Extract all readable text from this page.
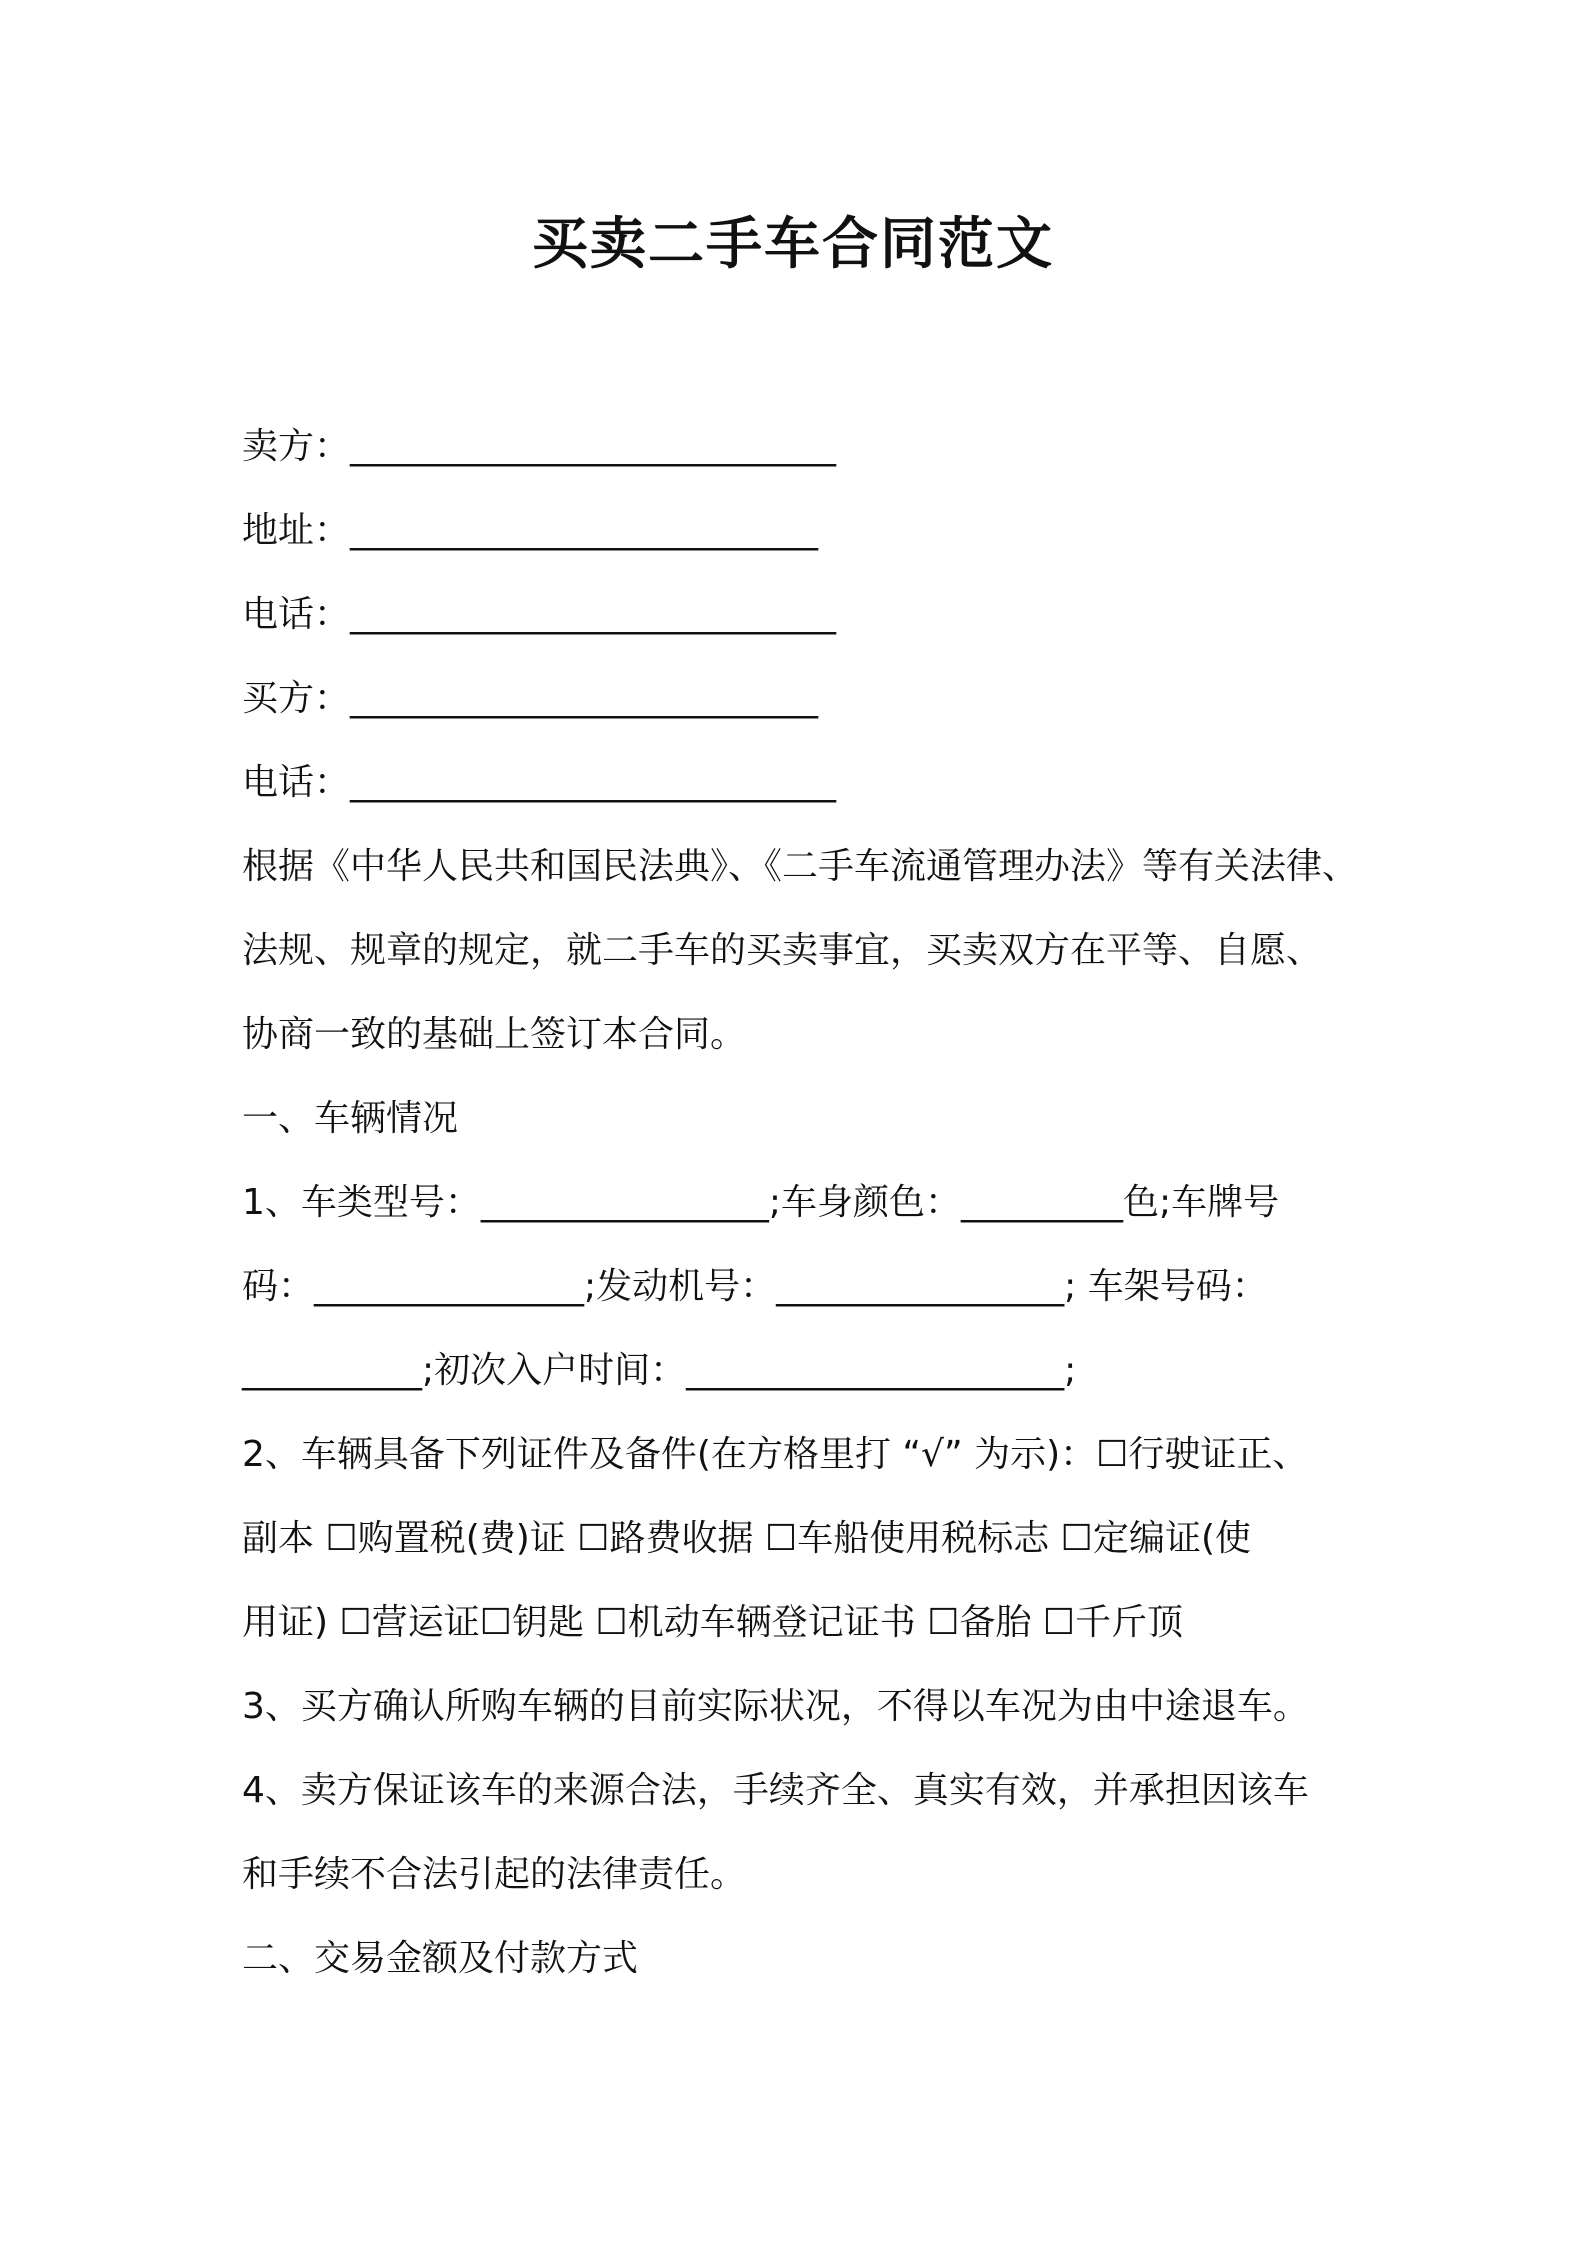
买卖二手车合同范文
卖方：___________________________
地址：__________________________
电话：___________________________
买方：__________________________
电话：___________________________
根据《中华人民共和国民法典》、《二手车流通管理办法》等有关法律、
法规、规章的规定，就二手车的买卖事宜，买卖双方在平等、自愿、
协商一致的基础上签订本合同。
一、车辆情况
1、车类型号：________________;车身颜色：_________色;车牌号
码：_______________;发动机号：________________; 车架号码：
__________;初次入户时间：_____________________;
2、车辆具备下列证件及备件(在方格里打 “√” 为示)：☐行驶证正、
副本 ☐购置税(费)证 ☐路费收据 ☐车船使用税标志 ☐定编证(使
用证) ☐营运证☐钥匙 ☐机动车辆登记证书 ☐备胎 ☐千斤顶
3、买方确认所购车辆的目前实际状况，不得以车况为由中途退车。
4、卖方保证该车的来源合法，手续齐全、真实有效，并承担因该车
和手续不合法引起的法律责任。
二、交易金额及付款方式
